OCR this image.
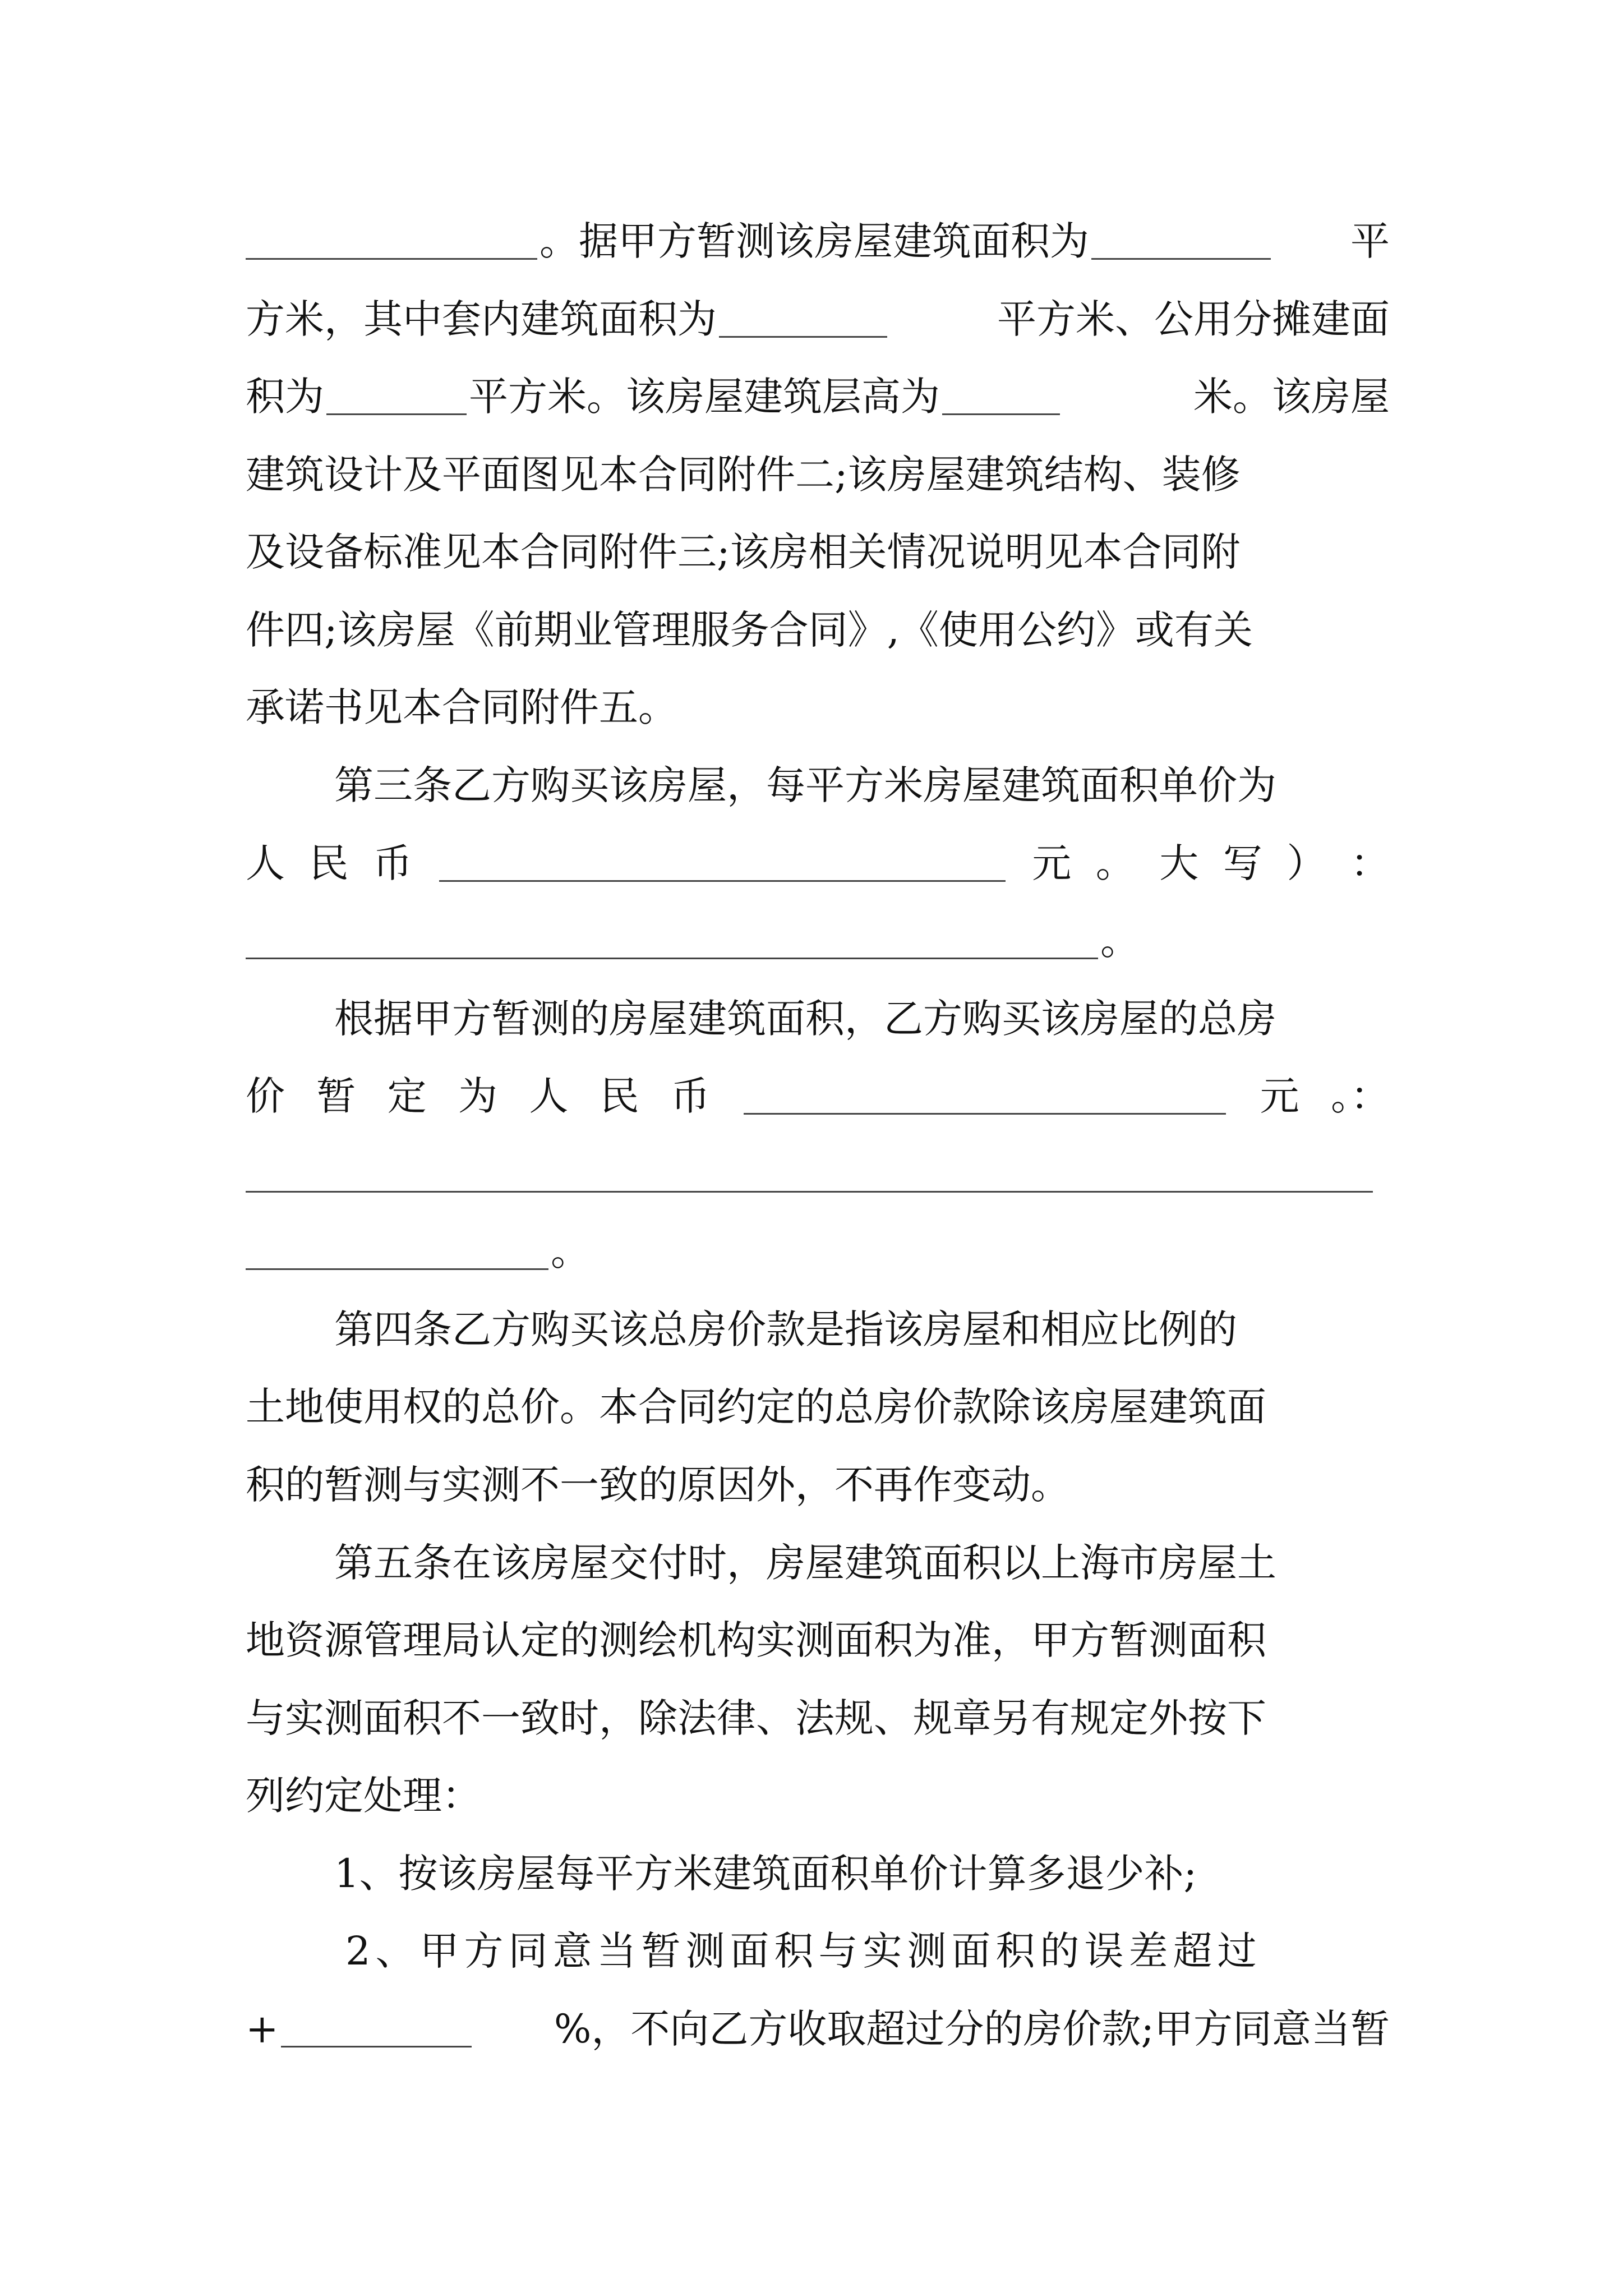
。据甲方暂测该房屋建筑面积为	平
方米，其中套内建筑面积为	平方米、公用分摊建面
积为	平方米。该房屋建筑层高为	米。该房屋
建筑设计及平面图见本合同附件二;该房屋建筑结构、装修
及设备标准见本合同附件三;该房相关情况说明见本合同附
件四;该房屋《前期业管理服务合同》,《使用公约》或有关
承诺书见本合同附件五。
第三条乙方购买该房屋，每平方米房屋建筑面积单价为
人 民 币	元 。 大 写 ） ：
。
根据甲方暂测的房屋建筑面积，乙方购买该房屋的总房
价 暂 定 为 人 民 币	元 。：
。
第四条乙方购买该总房价款是指该房屋和相应比例的
土地使用权的总价。本合同约定的总房价款除该房屋建筑面
积的暂测与实测不一致的原因外，不再作变动。
第五条在该房屋交付时，房屋建筑面积以上海市房屋土
地资源管理局认定的测绘机构实测面积为准，甲方暂测面积
与实测面积不一致时，除法律、法规、规章另有规定外按下
列约定处理：
1、按该房屋每平方米建筑面积单价计算多退少补;
2、甲方同意当暂测面积与实测面积的误差超过
+	%，不向乙方收取超过分的房价款;甲方同意当暂
